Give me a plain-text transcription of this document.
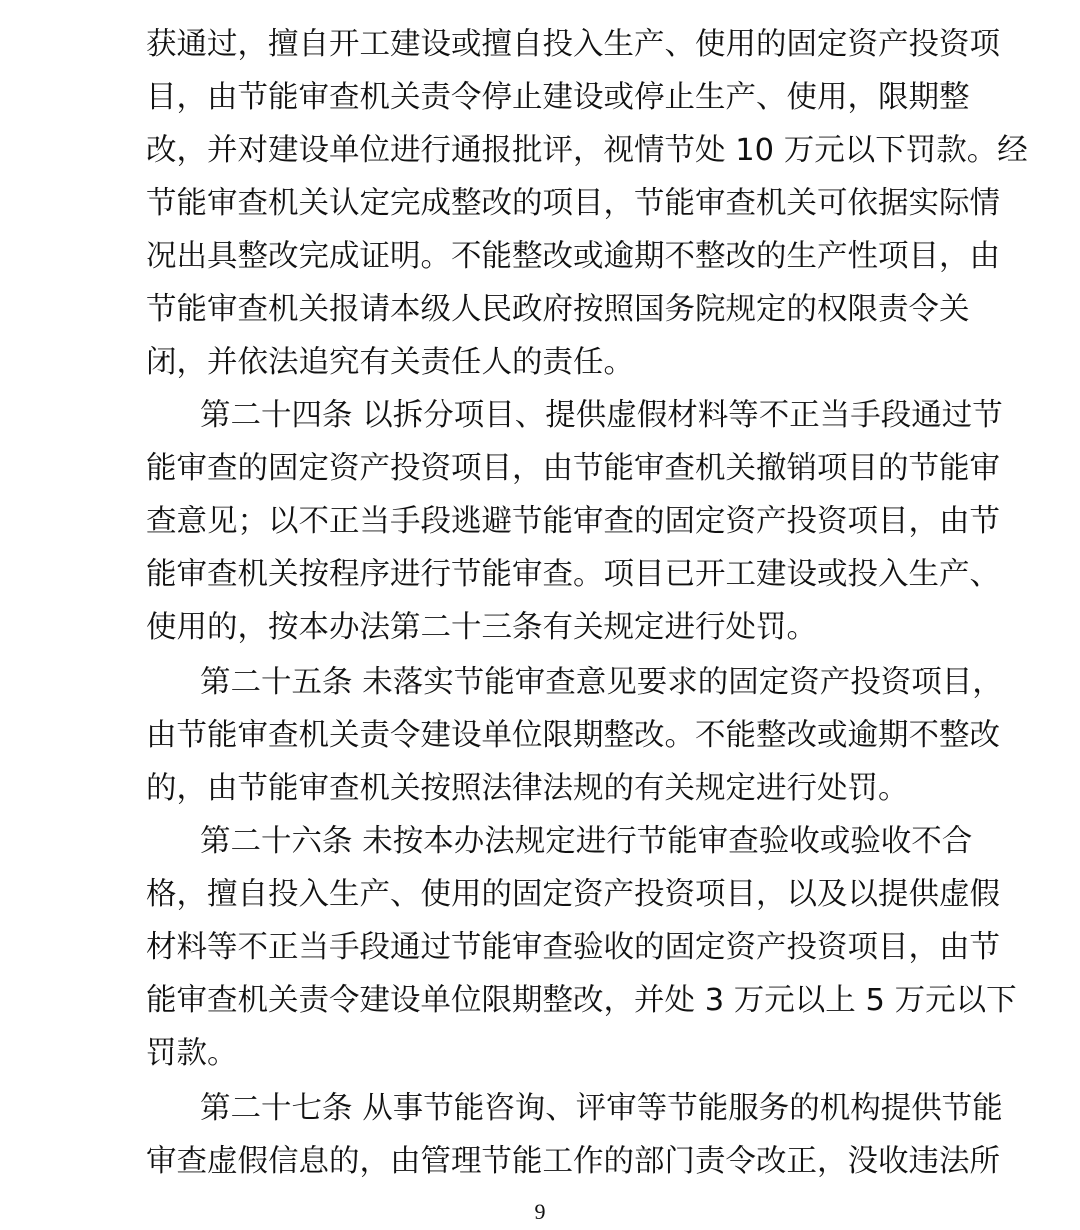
获通过，擅自开工建设或擅自投入生产、使用的固定资产投资项
目，由节能审查机关责令停止建设或停止生产、使用，限期整
改，并对建设单位进行通报批评，视情节处 10 万元以下罚款。经
节能审查机关认定完成整改的项目，节能审查机关可依据实际情
况出具整改完成证明。不能整改或逾期不整改的生产性项目，由
节能审查机关报请本级人民政府按照国务院规定的权限责令关
闭，并依法追究有关责任人的责任。
第二十四条 以拆分项目、提供虚假材料等不正当手段通过节
能审查的固定资产投资项目，由节能审查机关撤销项目的节能审
查意见；以不正当手段逃避节能审查的固定资产投资项目，由节
能审查机关按程序进行节能审查。项目已开工建设或投入生产、
使用的，按本办法第二十三条有关规定进行处罚。
第二十五条 未落实节能审查意见要求的固定资产投资项目，
由节能审查机关责令建设单位限期整改。不能整改或逾期不整改
的，由节能审查机关按照法律法规的有关规定进行处罚。
第二十六条 未按本办法规定进行节能审查验收或验收不合
格，擅自投入生产、使用的固定资产投资项目，以及以提供虚假
材料等不正当手段通过节能审查验收的固定资产投资项目，由节
能审查机关责令建设单位限期整改，并处 3 万元以上 5 万元以下
罚款。
第二十七条 从事节能咨询、评审等节能服务的机构提供节能
审查虚假信息的，由管理节能工作的部门责令改正，没收违法所
9
